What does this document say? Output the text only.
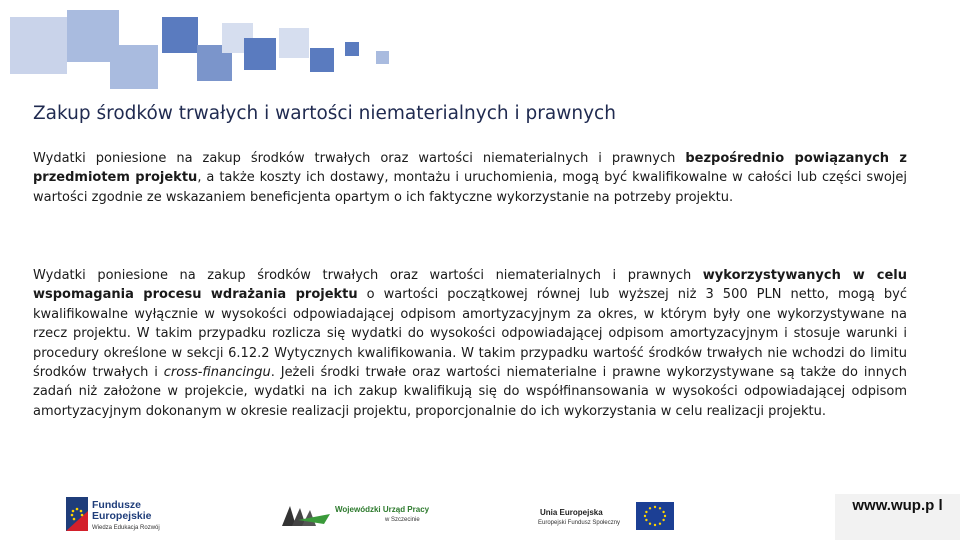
Zakup środków trwałych i wartości niematerialnych i prawnych
Wydatki poniesione na zakup środków trwałych oraz wartości niematerialnych i prawnych bezpośrednio powiązanych z przedmiotem projektu, a także koszty ich dostawy, montażu i uruchomienia, mogą być kwalifikowalne w całości lub części swojej wartości zgodnie ze wskazaniem beneficjenta opartym o ich faktyczne wykorzystanie na potrzeby projektu.
Wydatki poniesione na zakup środków trwałych oraz wartości niematerialnych i prawnych wykorzystywanych w celu wspomagania procesu wdrażania projektu o wartości początkowej równej lub wyższej niż 3 500 PLN netto, mogą być kwalifikowalne wyłącznie w wysokości odpowiadającej odpisom amortyzacyjnym za okres, w którym były one wykorzystywane na rzecz projektu. W takim przypadku rozlicza się wydatki do wysokości odpowiadającej odpisom amortyzacyjnym i stosuje warunki i procedury określone w sekcji 6.12.2 Wytycznych kwalifikowania. W takim przypadku wartość środków trwałych nie wchodzi do limitu środków trwałych i cross-financingu. Jeżeli środki trwałe oraz wartości niematerialne i prawne wykorzystywane są także do innych zadań niż założone w projekcie, wydatki na ich zakup kwalifikują się do współfinansowania w wysokości odpowiadającej odpisom amortyzacyjnym dokonanym w okresie realizacji projektu, proporcjonalnie do ich wykorzystania w celu realizacji projektu.
Fundusze
Europejskie
Wiedza Edukacja Rozwój
Wojewódzki Urząd Pracy
w Szczecinie
Unia Europejska
Europejski Fundusz Społeczny
www.wup.p l
